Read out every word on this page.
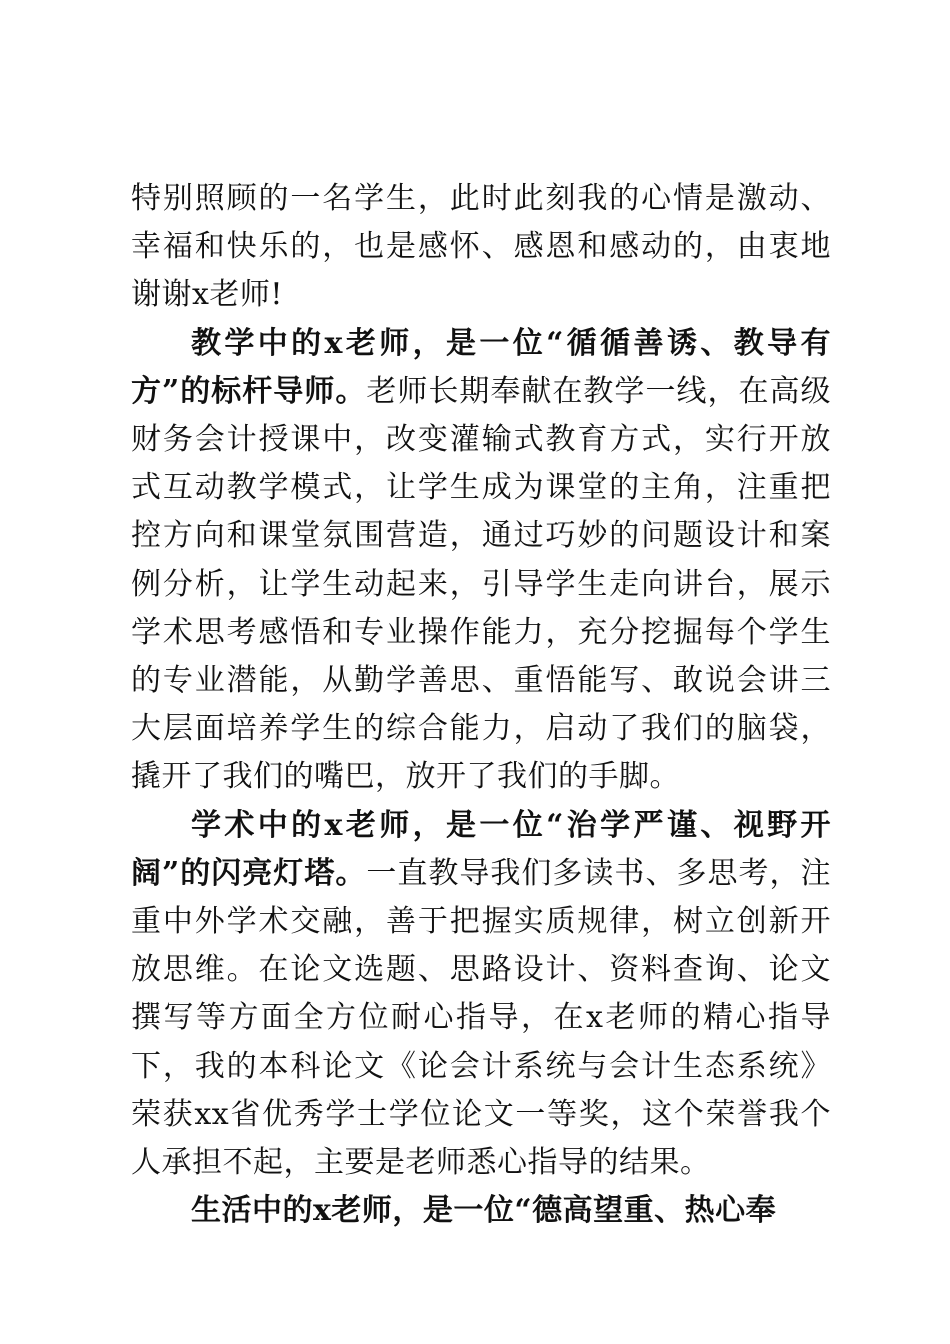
特别照顾的一名学生，此时此刻我的心情是激动、幸福和快乐的，也是感怀、感恩和感动的，由衷地谢谢x老师!

教学中的x老师，是一位“循循善诱、教导有方”的标杆导师。老师长期奉献在教学一线，在高级财务会计授课中，改变灌输式教育方式，实行开放式互动教学模式，让学生成为课堂的主角，注重把控方向和课堂氛围营造，通过巧妙的问题设计和案例分析，让学生动起来，引导学生走向讲台，展示学术思考感悟和专业操作能力，充分挖掘每个学生的专业潜能，从勤学善思、重悟能写、敢说会讲三大层面培养学生的综合能力，启动了我们的脑袋，撬开了我们的嘴巴，放开了我们的手脚。

学术中的x老师，是一位“治学严谨、视野开阔”的闪亮灯塔。一直教导我们多读书、多思考，注重中外学术交融，善于把握实质规律，树立创新开放思维。在论文选题、思路设计、资料查询、论文撰写等方面全方位耐心指导，在x老师的精心指导下，我的本科论文《论会计系统与会计生态系统》荣获xx省优秀学士学位论文一等奖，这个荣誉我个人承担不起，主要是老师悉心指导的结果。

生活中的x老师，是一位“德高望重、热心奉
